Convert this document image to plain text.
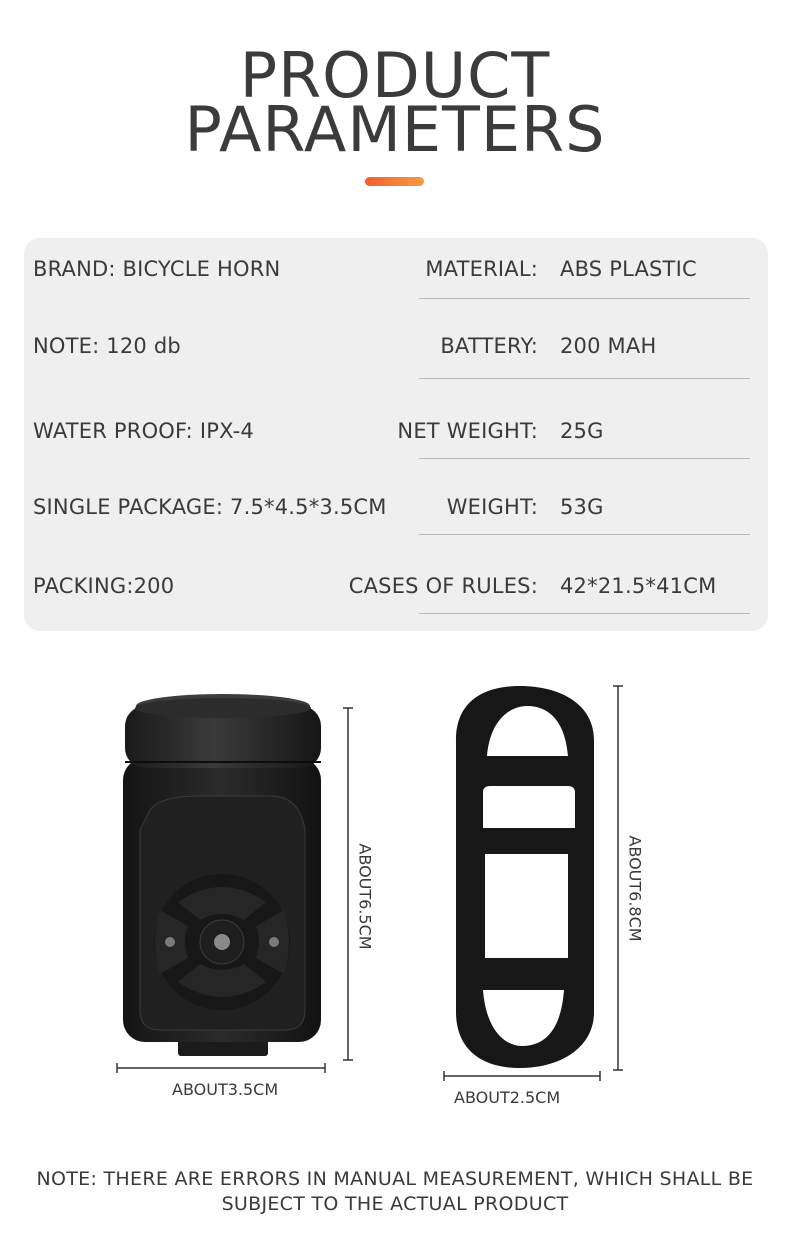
PRODUCT
PARAMETERS
BRAND: BICYCLE HORN	MATERIAL: ABS PLASTIC
NOTE: 120 db	BATTERY: 200 MAH
WATER PROOF: IPX-4	NET WEIGHT: 25G
SINGLE PACKAGE: 7.5*4.5*3.5CM	WEIGHT: 53G
PACKING:200	CASES OF RULES: 42*21.5*41CM
ABOUT6.5CM
ABOUT3.5CM
ABOUT6.8CM
ABOUT2.5CM
NOTE: THERE ARE ERRORS IN MANUAL MEASUREMENT, WHICH SHALL BE
SUBJECT TO THE ACTUAL PRODUCT
